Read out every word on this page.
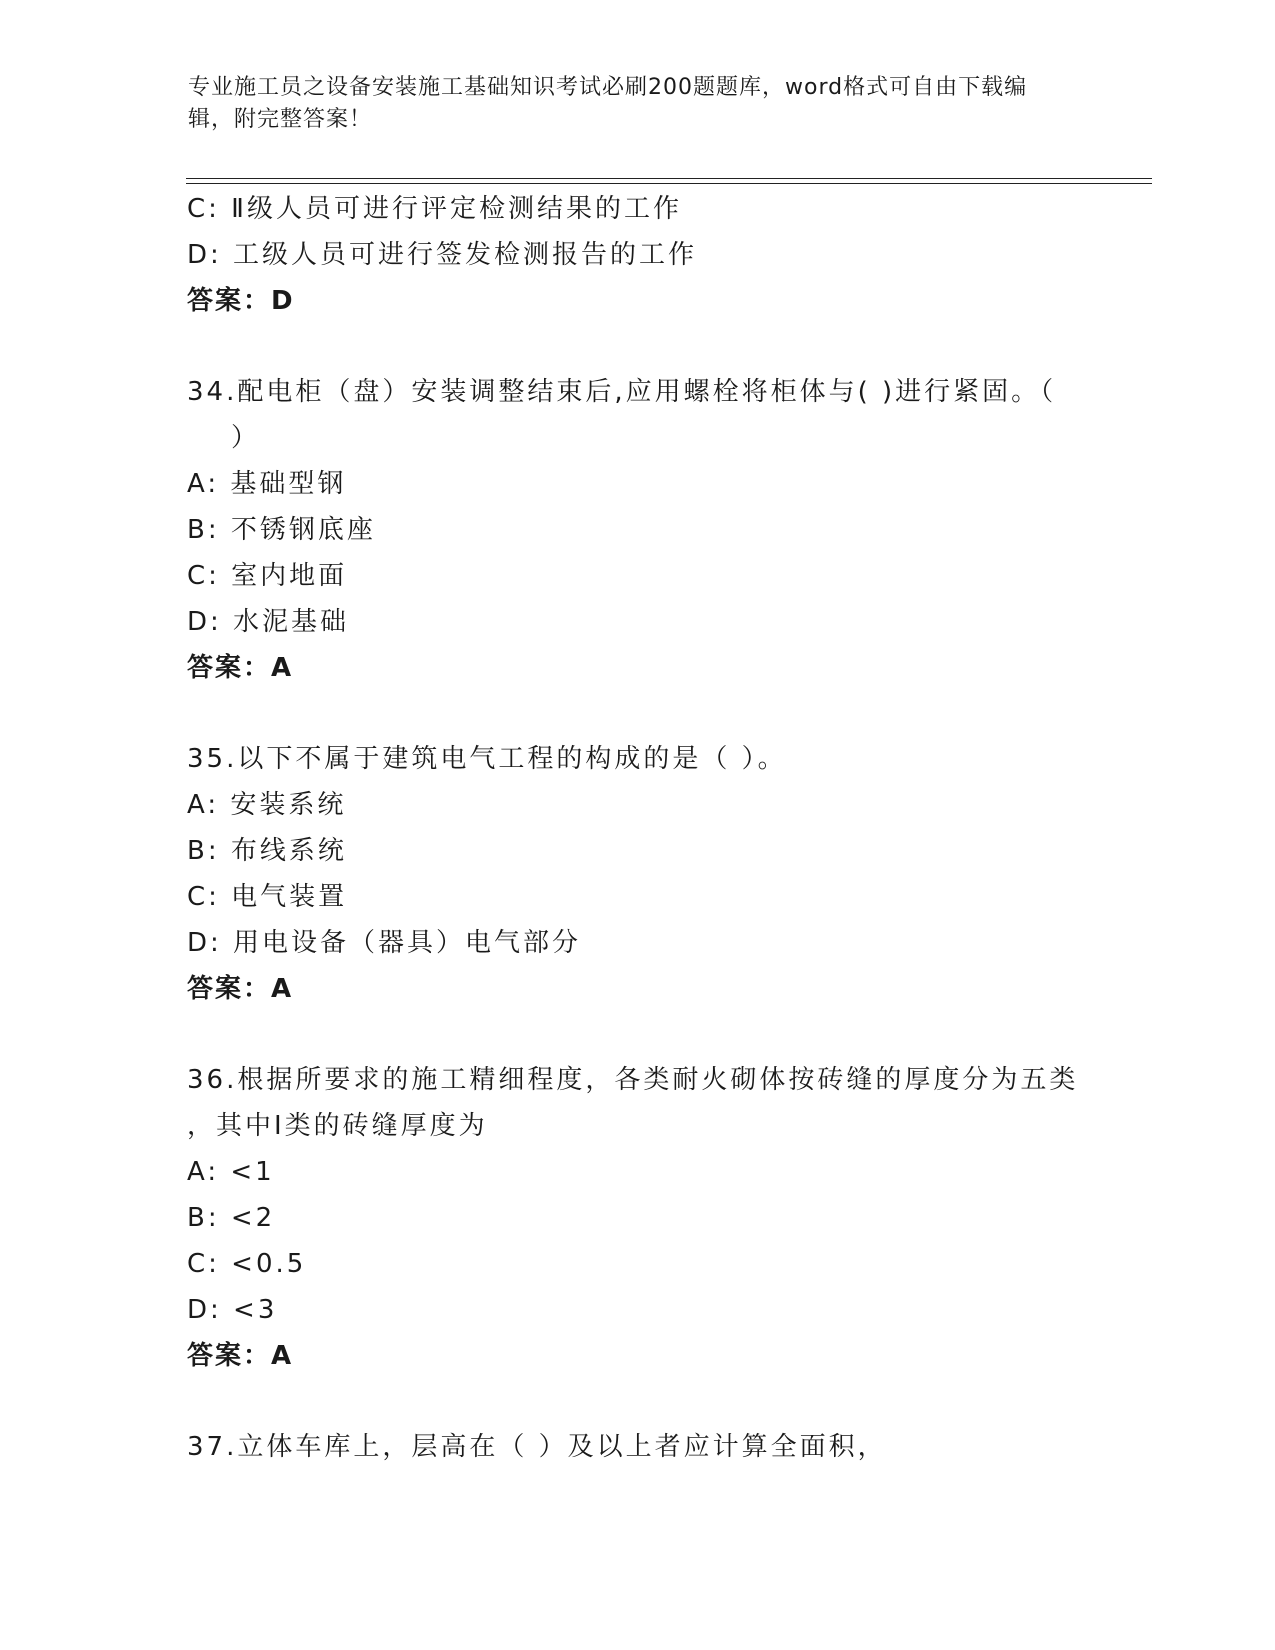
专业施工员之设备安装施工基础知识考试必刷200题题库，word格式可自由下载编辑，附完整答案！
C: Ⅱ级人员可进行评定检测结果的工作
D: 工级人员可进行签发检测报告的工作
答案：D
34.配电柜（盘）安装调整结束后,应用螺栓将柜体与( )进行紧固。（
）
A: 基础型钢
B: 不锈钢底座
C: 室内地面
D: 水泥基础
答案：A
35.以下不属于建筑电气工程的构成的是（ ）。
A: 安装系统
B: 布线系统
C: 电气装置
D: 用电设备（器具）电气部分
答案：A
36.根据所要求的施工精细程度，各类耐火砌体按砖缝的厚度分为五类
，其中Ⅰ类的砖缝厚度为
A: <1
B: <2
C: <0.5
D: <3
答案：A
37.立体车库上，层高在（ ）及以上者应计算全面积，
